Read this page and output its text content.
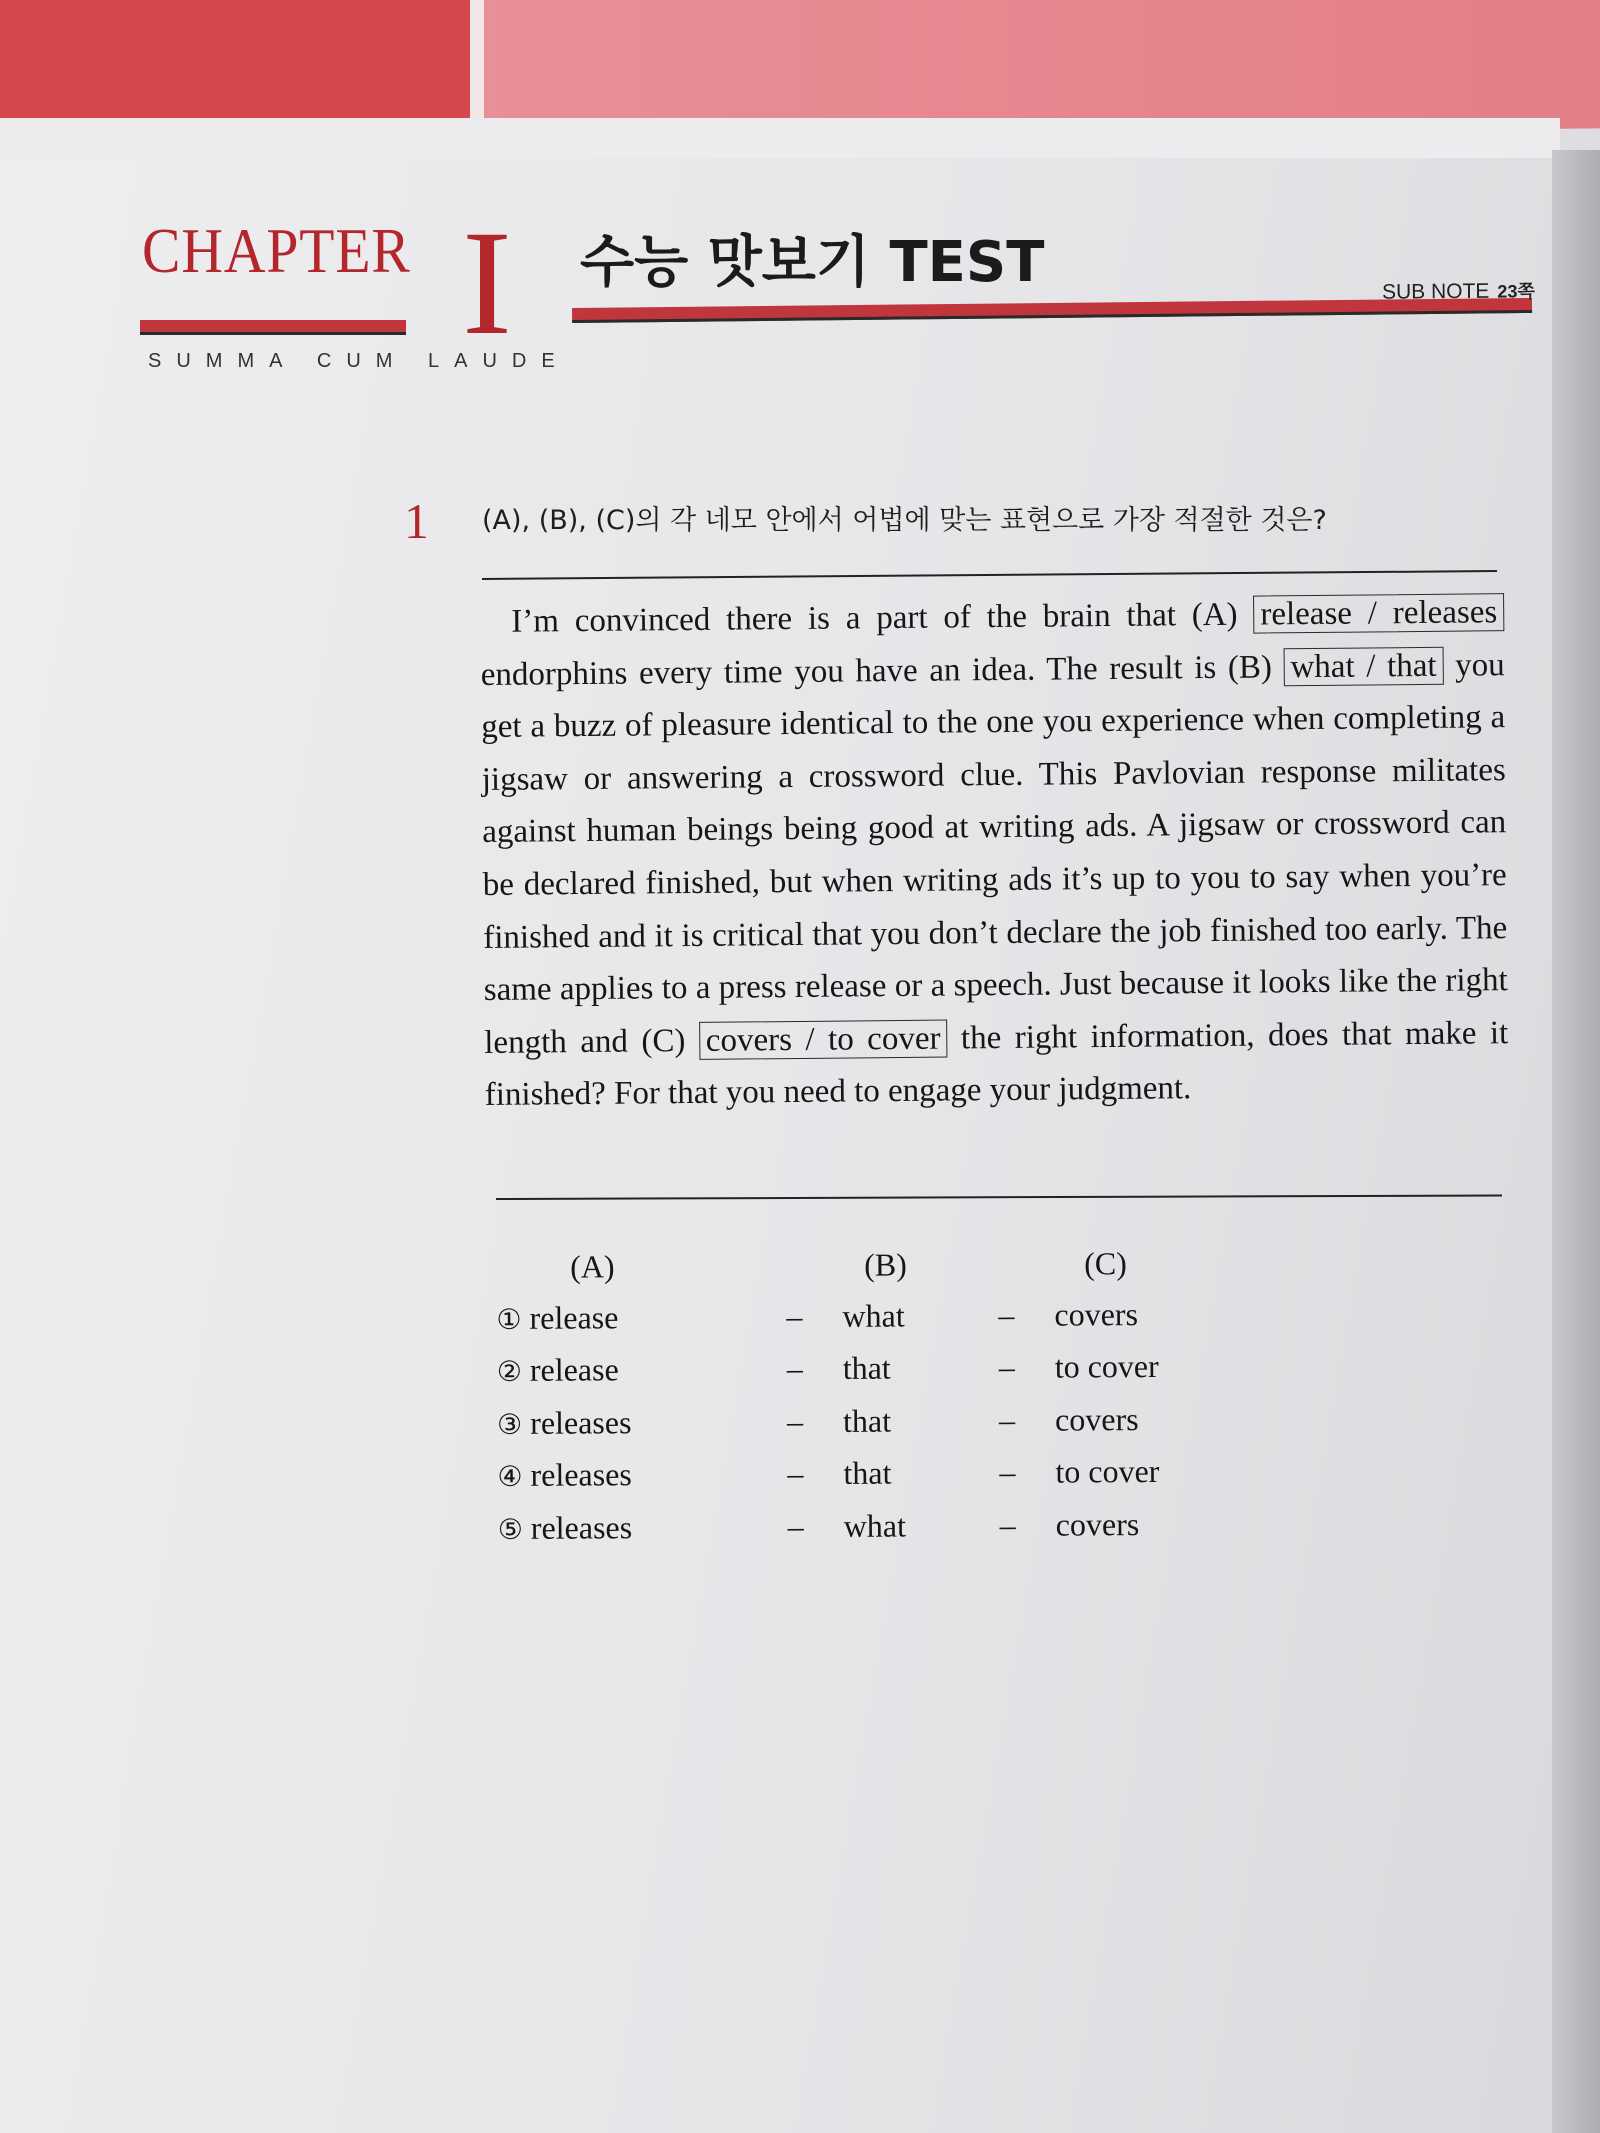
CHAPTER I 수능 맛보기 TEST
SUMMA CUM LAUDE
SUB NOTE 23쪽
1 (A), (B), (C)의 각 네모 안에서 어법에 맞는 표현으로 가장 적절한 것은?

I’m convinced there is a part of the brain that (A) release / releases endorphins every time you have an idea. The result is (B) what / that you get a buzz of pleasure identical to the one you experience when completing a jigsaw or answering a crossword clue. This Pavlovian response militates against human beings being good at writing ads. A jigsaw or crossword can be declared finished, but when writing ads it’s up to you to say when you’re finished and it is critical that you don’t declare the job finished too early. The same applies to a press release or a speech. Just because it looks like the right length and (C) covers / to cover the right information, does that make it finished? For that you need to engage your judgment.

(A)		(B)		(C)
① release	–	what	–	covers
② release	–	that	–	to cover
③ releases	–	that	–	covers
④ releases	–	that	–	to cover
⑤ releases	–	what	–	covers
